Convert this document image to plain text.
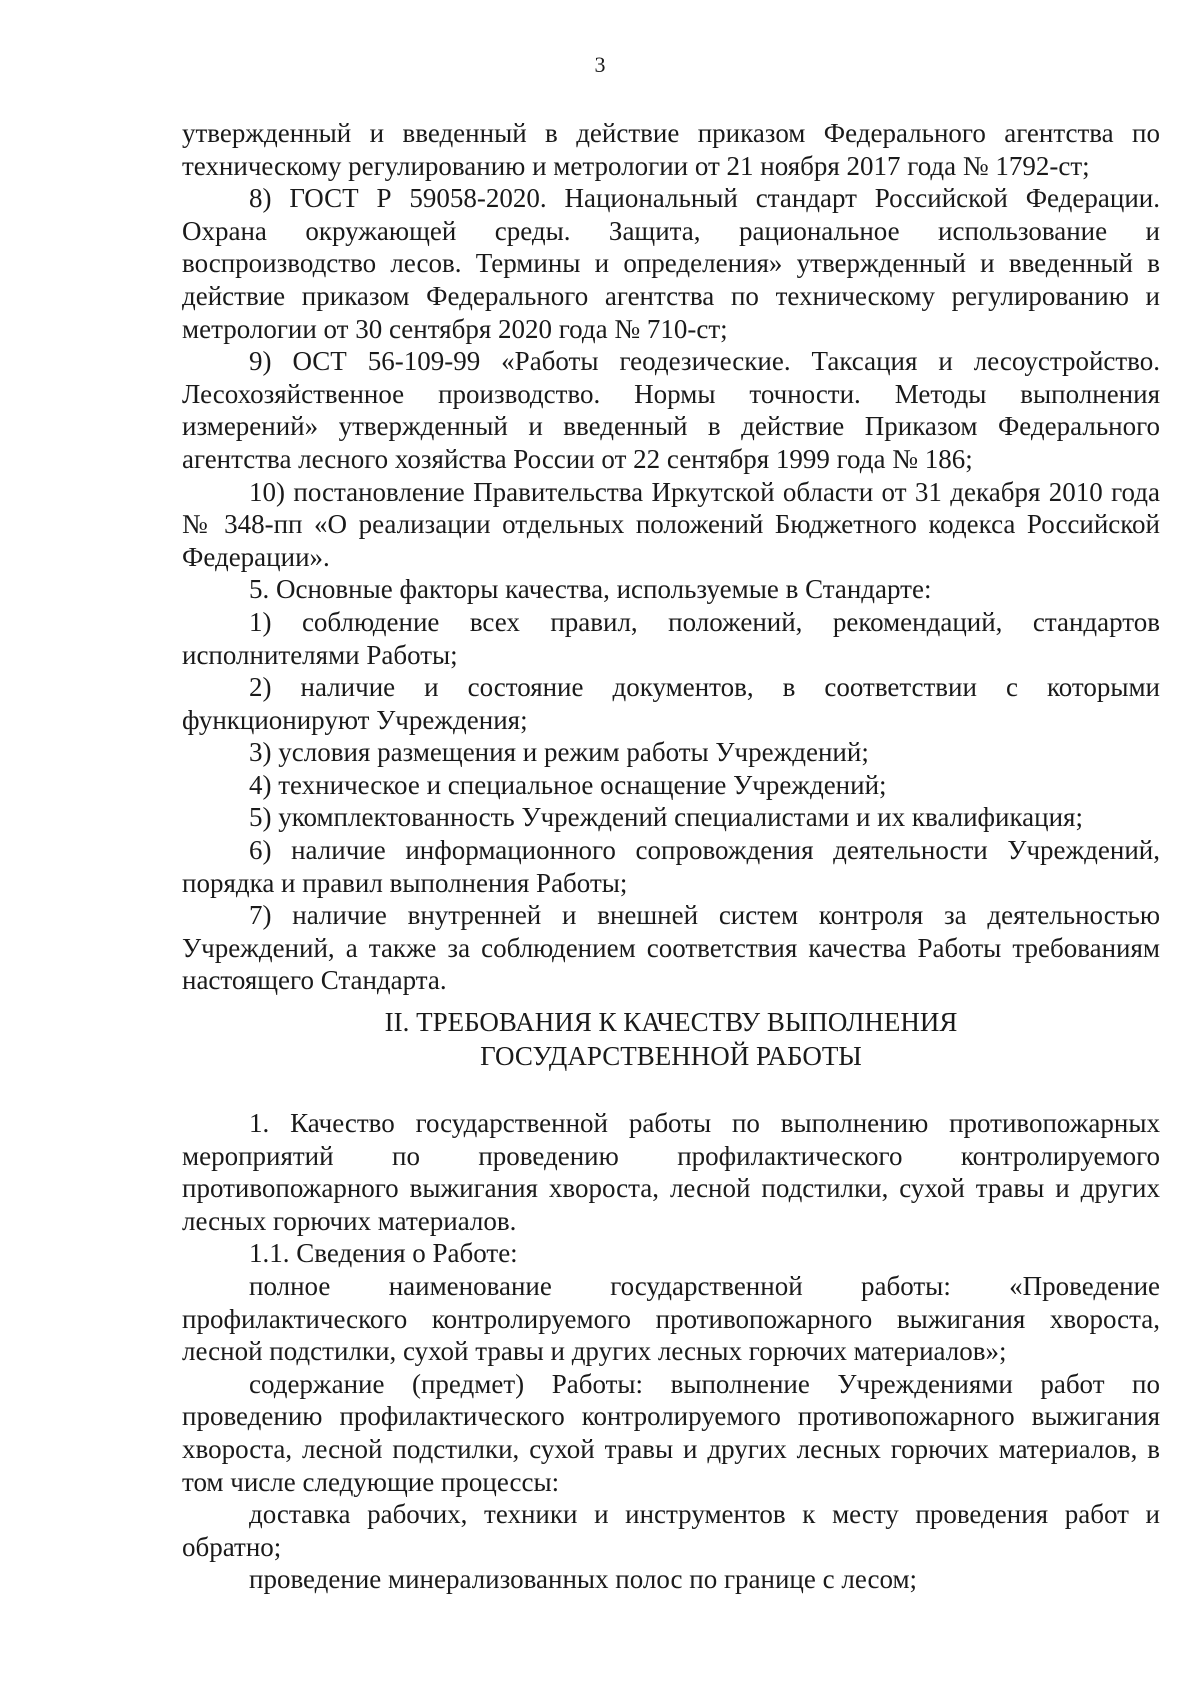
3

утвержденный и введенный в действие приказом Федерального агентства по техническому регулированию и метрологии от 21 ноября 2017 года № 1792-ст;

8) ГОСТ Р 59058-2020. Национальный стандарт Российской Федерации. Охрана окружающей среды. Защита, рациональное использование и воспроизводство лесов. Термины и определения» утвержденный и введенный в действие приказом Федерального агентства по техническому регулированию и метрологии от 30 сентября 2020 года № 710-ст;

9) ОСТ 56-109-99 «Работы геодезические. Таксация и лесоустройство. Лесохозяйственное производство. Нормы точности. Методы выполнения измерений» утвержденный и введенный в действие Приказом Федерального агентства лесного хозяйства России от 22 сентября 1999 года № 186;

10) постановление Правительства Иркутской области от 31 декабря 2010 года № 348-пп «О реализации отдельных положений Бюджетного кодекса Российской Федерации».

5. Основные факторы качества, используемые в Стандарте:

1) соблюдение всех правил, положений, рекомендаций, стандартов исполнителями Работы;

2) наличие и состояние документов, в соответствии с которыми функционируют Учреждения;

3) условия размещения и режим работы Учреждений;

4) техническое и специальное оснащение Учреждений;

5) укомплектованность Учреждений специалистами и их квалификация;

6) наличие информационного сопровождения деятельности Учреждений, порядка и правил выполнения Работы;

7) наличие внутренней и внешней систем контроля за деятельностью Учреждений, а также за соблюдением соответствия качества Работы требованиям настоящего Стандарта.

II. ТРЕБОВАНИЯ К КАЧЕСТВУ ВЫПОЛНЕНИЯ
ГОСУДАРСТВЕННОЙ РАБОТЫ

1. Качество государственной работы по выполнению противопожарных мероприятий по проведению профилактического контролируемого противопожарного выжигания хвороста, лесной подстилки, сухой травы и других лесных горючих материалов.

1.1. Сведения о Работе:

полное наименование государственной работы: «Проведение профилактического контролируемого противопожарного выжигания хвороста, лесной подстилки, сухой травы и других лесных горючих материалов»;

содержание (предмет) Работы: выполнение Учреждениями работ по проведению профилактического контролируемого противопожарного выжигания хвороста, лесной подстилки, сухой травы и других лесных горючих материалов, в том числе следующие процессы:

доставка рабочих, техники и инструментов к месту проведения работ и обратно;

проведение минерализованных полос по границе с лесом;
